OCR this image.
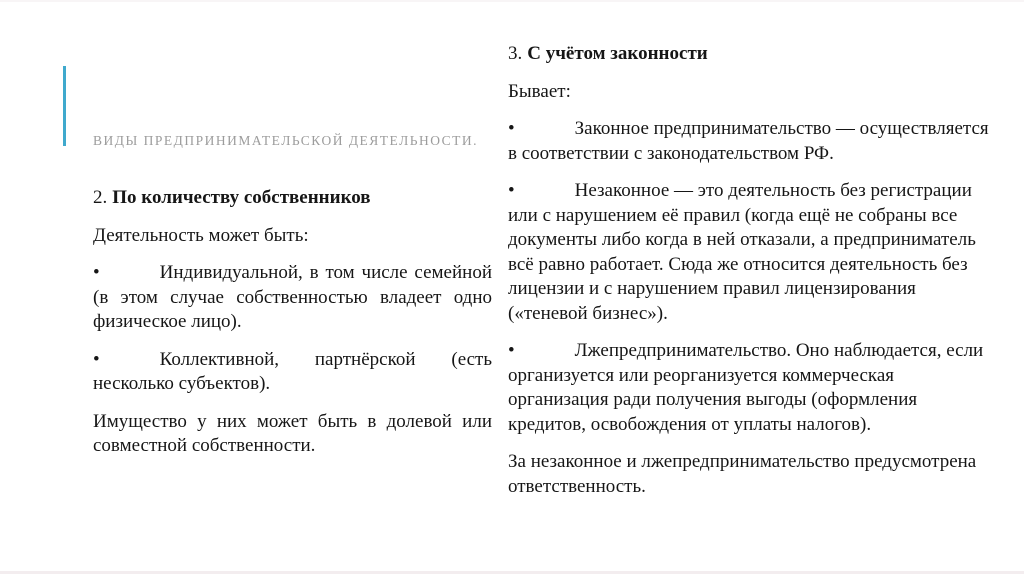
ВИДЫ ПРЕДПРИНИМАТЕЛЬСКОЙ ДЕЯТЕЛЬНОСТИ.

2. По количеству собственников

Деятельность может быть:

•	Индивидуальной, в том числе семейной (в этом случае собственностью владеет одно физическое лицо).

•	Коллективной, партнёрской (есть несколько субъектов).

Имущество у них может быть в долевой или совместной собственности.

3. С учётом законности

Бывает:

•	Законное предпринимательство — осуществляется в соответствии с законодательством РФ.

•	Незаконное — это деятельность без регистрации или с нарушением её правил (когда ещё не собраны все документы либо когда в ней отказали, а предприниматель всё равно работает. Сюда же относится деятельность без лицензии и с нарушением правил лицензирования («теневой бизнес»).

•	Лжепредпринимательство. Оно наблюдается, если организуется или реорганизуется коммерческая организация ради получения выгоды (оформления кредитов, освобождения от уплаты налогов).

За незаконное и лжепредпринимательство предусмотрена ответственность.
